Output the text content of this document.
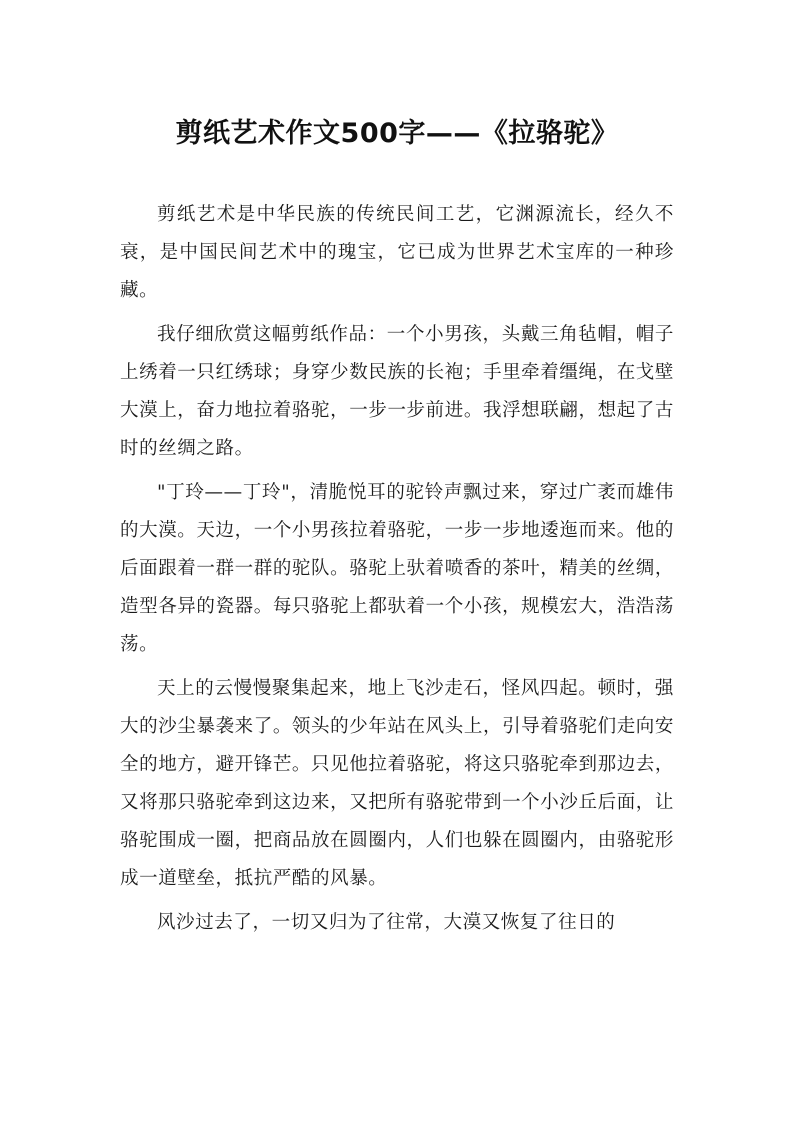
剪纸艺术作文500字——《拉骆驼》

剪纸艺术是中华民族的传统民间工艺，它渊源流长，经久不衰，是中国民间艺术中的瑰宝，它已成为世界艺术宝库的一种珍藏。

我仔细欣赏这幅剪纸作品：一个小男孩，头戴三角毡帽，帽子上绣着一只红绣球；身穿少数民族的长袍；手里牵着缰绳，在戈壁大漠上，奋力地拉着骆驼，一步一步前进。我浮想联翩，想起了古时的丝绸之路。

"丁玲——丁玲"，清脆悦耳的驼铃声飘过来，穿过广袤而雄伟的大漠。天边，一个小男孩拉着骆驼，一步一步地逶迤而来。他的后面跟着一群一群的驼队。骆驼上驮着喷香的茶叶，精美的丝绸，造型各异的瓷器。每只骆驼上都驮着一个小孩，规模宏大，浩浩荡荡。

天上的云慢慢聚集起来，地上飞沙走石，怪风四起。顿时，强大的沙尘暴袭来了。领头的少年站在风头上，引导着骆驼们走向安全的地方，避开锋芒。只见他拉着骆驼，将这只骆驼牵到那边去，又将那只骆驼牵到这边来，又把所有骆驼带到一个小沙丘后面，让骆驼围成一圈，把商品放在圆圈内，人们也躲在圆圈内，由骆驼形成一道壁垒，抵抗严酷的风暴。

风沙过去了，一切又归为了往常，大漠又恢复了往日的
